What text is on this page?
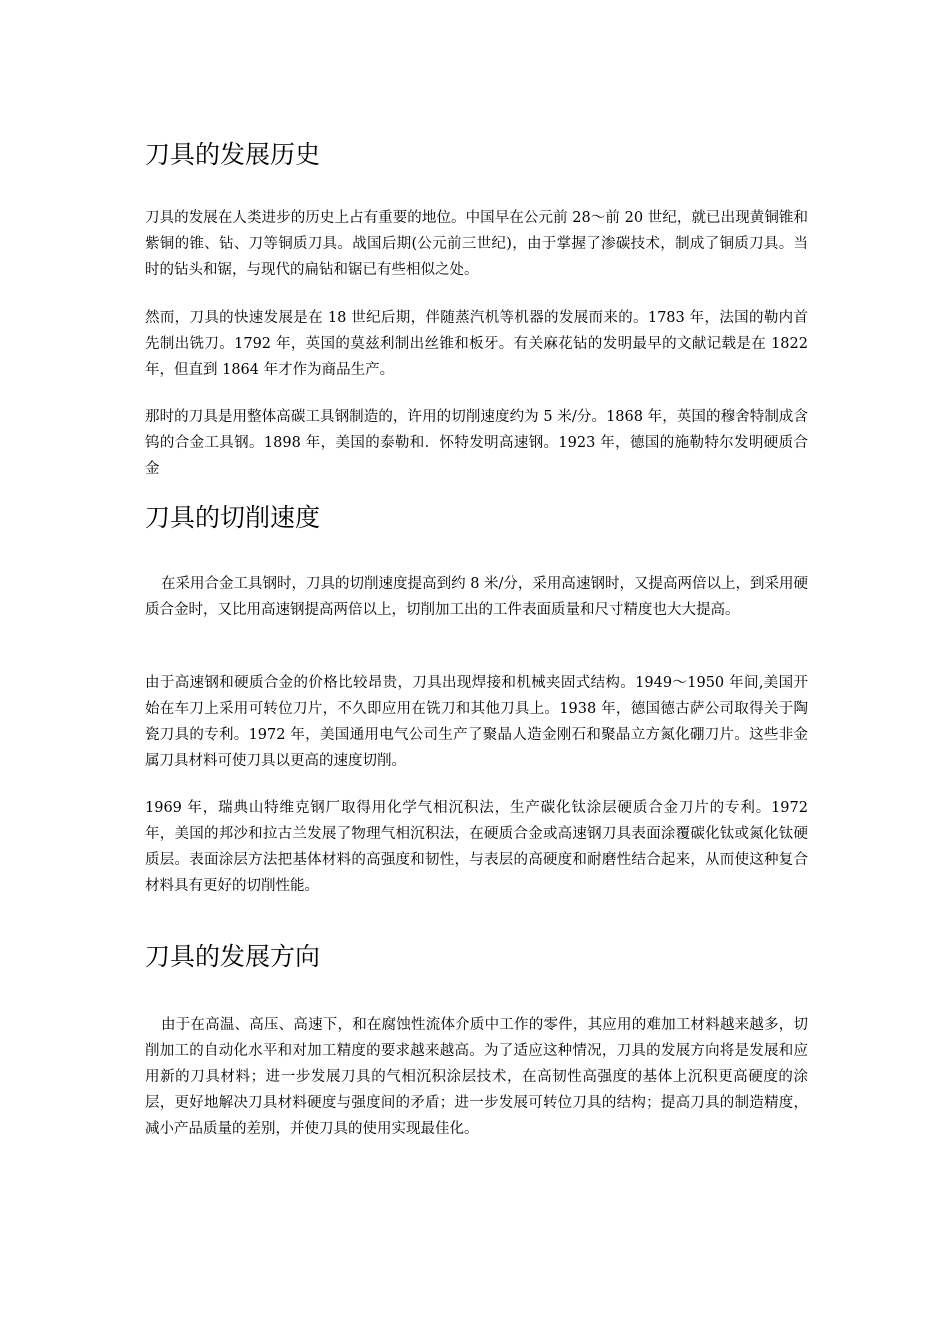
刀具的发展历史

刀具的发展在人类进步的历史上占有重要的地位。中国早在公元前 28～前 20 世纪，就已出现黄铜锥和紫铜的锥、钻、刀等铜质刀具。战国后期(公元前三世纪)，由于掌握了渗碳技术，制成了铜质刀具。当时的钻头和锯，与现代的扁钻和锯已有些相似之处。

然而，刀具的快速发展是在 18 世纪后期，伴随蒸汽机等机器的发展而来的。1783 年，法国的勒内首先制出铣刀。1792 年，英国的莫兹利制出丝锥和板牙。有关麻花钻的发明最早的文献记载是在 1822 年，但直到 1864 年才作为商品生产。

那时的刀具是用整体高碳工具钢制造的，许用的切削速度约为 5 米/分。1868 年，英国的穆舍特制成含钨的合金工具钢。1898 年，美国的泰勒和．怀特发明高速钢。1923 年，德国的施勒特尔发明硬质合金

刀具的切削速度

在采用合金工具钢时，刀具的切削速度提高到约 8 米/分，采用高速钢时，又提高两倍以上，到采用硬质合金时，又比用高速钢提高两倍以上，切削加工出的工件表面质量和尺寸精度也大大提高。

由于高速钢和硬质合金的价格比较昂贵，刀具出现焊接和机械夹固式结构。1949～1950 年间,美国开始在车刀上采用可转位刀片，不久即应用在铣刀和其他刀具上。1938 年，德国德古萨公司取得关于陶瓷刀具的专利。1972 年，美国通用电气公司生产了聚晶人造金刚石和聚晶立方氮化硼刀片。这些非金属刀具材料可使刀具以更高的速度切削。

1969 年，瑞典山特维克钢厂取得用化学气相沉积法，生产碳化钛涂层硬质合金刀片的专利。1972 年，美国的邦沙和拉古兰发展了物理气相沉积法，在硬质合金或高速钢刀具表面涂覆碳化钛或氮化钛硬质层。表面涂层方法把基体材料的高强度和韧性，与表层的高硬度和耐磨性结合起来，从而使这种复合材料具有更好的切削性能。

刀具的发展方向

由于在高温、高压、高速下，和在腐蚀性流体介质中工作的零件，其应用的难加工材料越来越多，切削加工的自动化水平和对加工精度的要求越来越高。为了适应这种情况，刀具的发展方向将是发展和应用新的刀具材料；进一步发展刀具的气相沉积涂层技术，在高韧性高强度的基体上沉积更高硬度的涂层，更好地解决刀具材料硬度与强度间的矛盾；进一步发展可转位刀具的结构；提高刀具的制造精度，减小产品质量的差别，并使刀具的使用实现最佳化。
